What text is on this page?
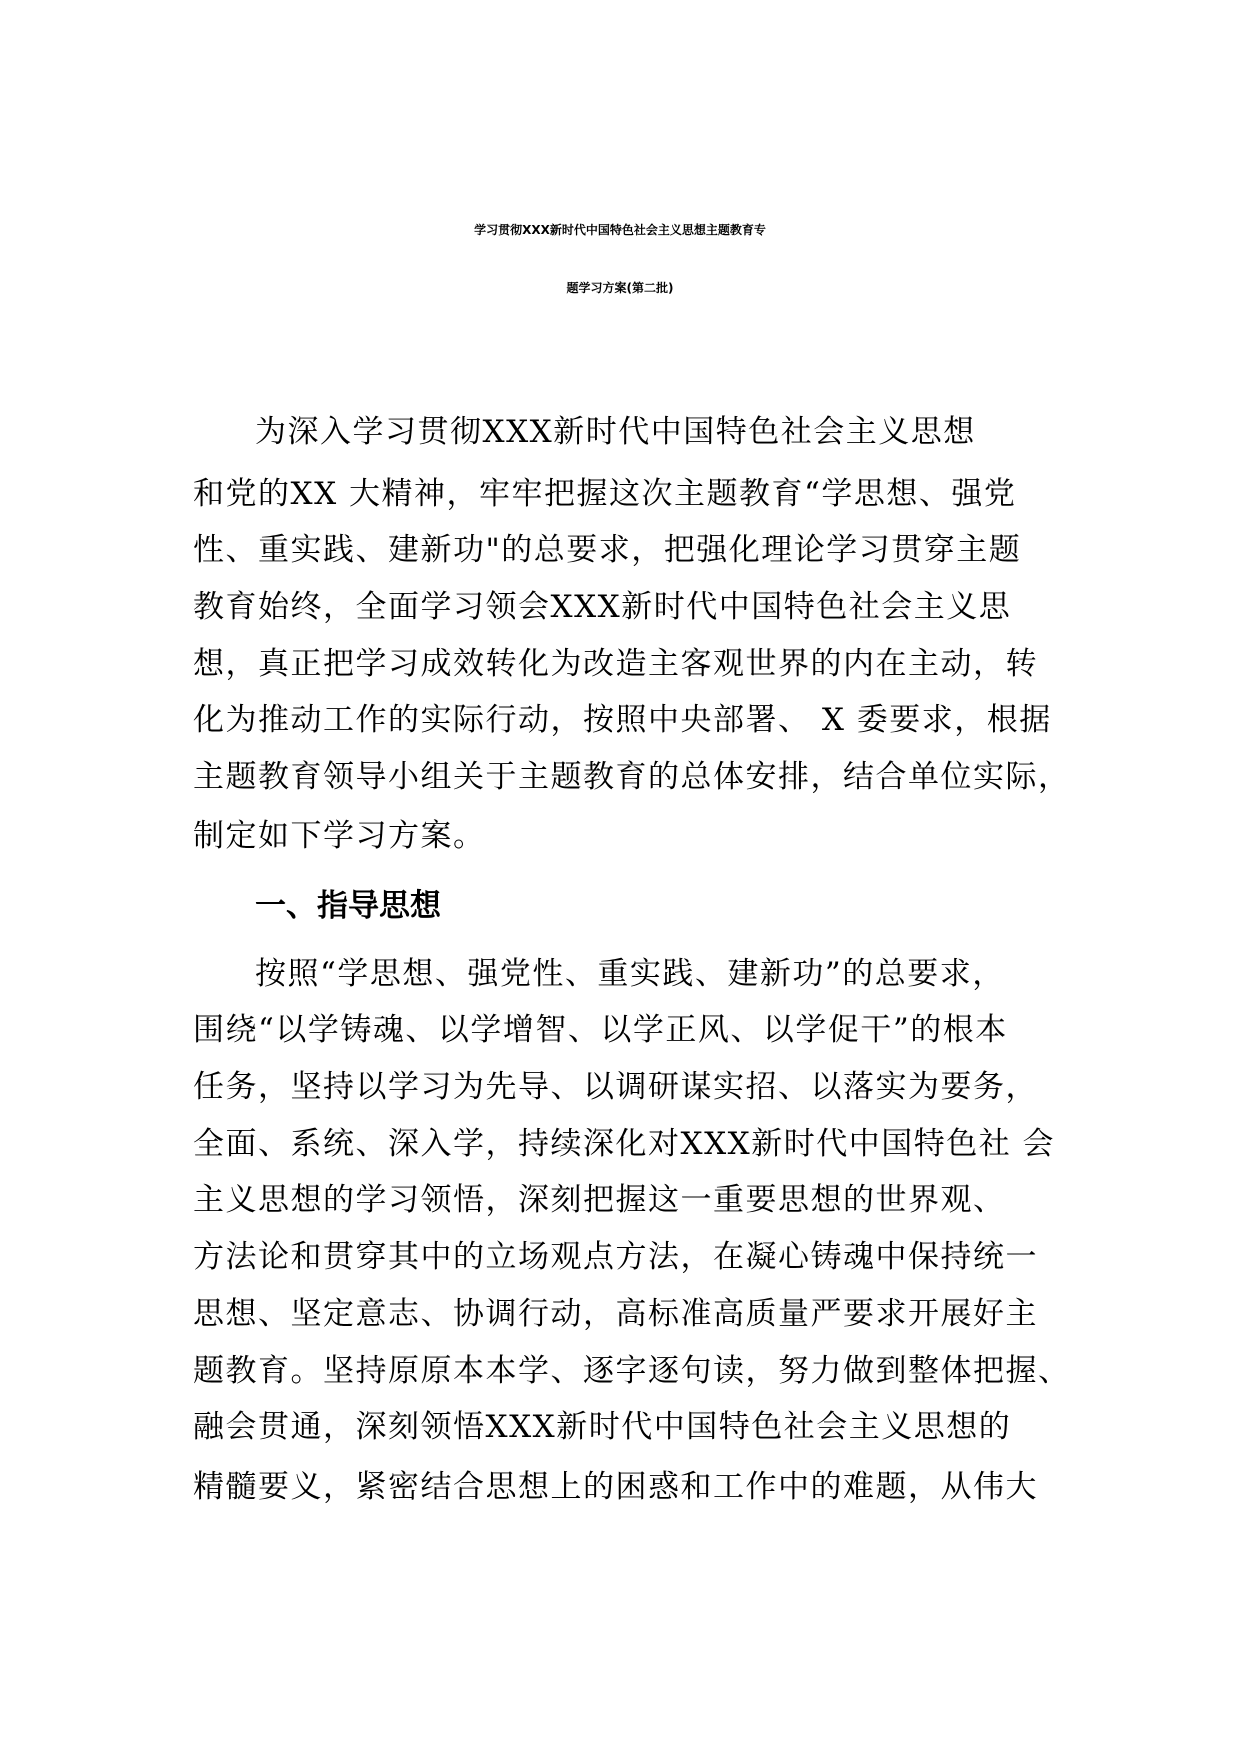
学习贯彻XXX新时代中国特色社会主义思想主题教育专
题学习方案(第二批)
为深入学习贯彻XXX新时代中国特色社会主义思想
和党的XX 大精神，牢牢把握这次主题教育“学思想、强党
性、重实践、建新功"的总要求，把强化理论学习贯穿主题
教育始终，全面学习领会XXX新时代中国特色社会主义思
想，真正把学习成效转化为改造主客观世界的内在主动，转
化为推动工作的实际行动，按照中央部署、 X 委要求，根据
主题教育领导小组关于主题教育的总体安排，结合单位实际，
制定如下学习方案。
一、指导思想
按照“学思想、强党性、重实践、建新功”的总要求，
围绕“以学铸魂、以学增智、以学正风、以学促干”的根本
任务，坚持以学习为先导、以调研谋实招、以落实为要务，
全面、系统、深入学，持续深化对XXX新时代中国特色社 会
主义思想的学习领悟，深刻把握这一重要思想的世界观、
方法论和贯穿其中的立场观点方法，在凝心铸魂中保持统一
思想、坚定意志、协调行动，高标准高质量严要求开展好主
题教育。坚持原原本本学、逐字逐句读，努力做到整体把握、
融会贯通，深刻领悟XXX新时代中国特色社会主义思想的
精髓要义，紧密结合思想上的困惑和工作中的难题，从伟大
